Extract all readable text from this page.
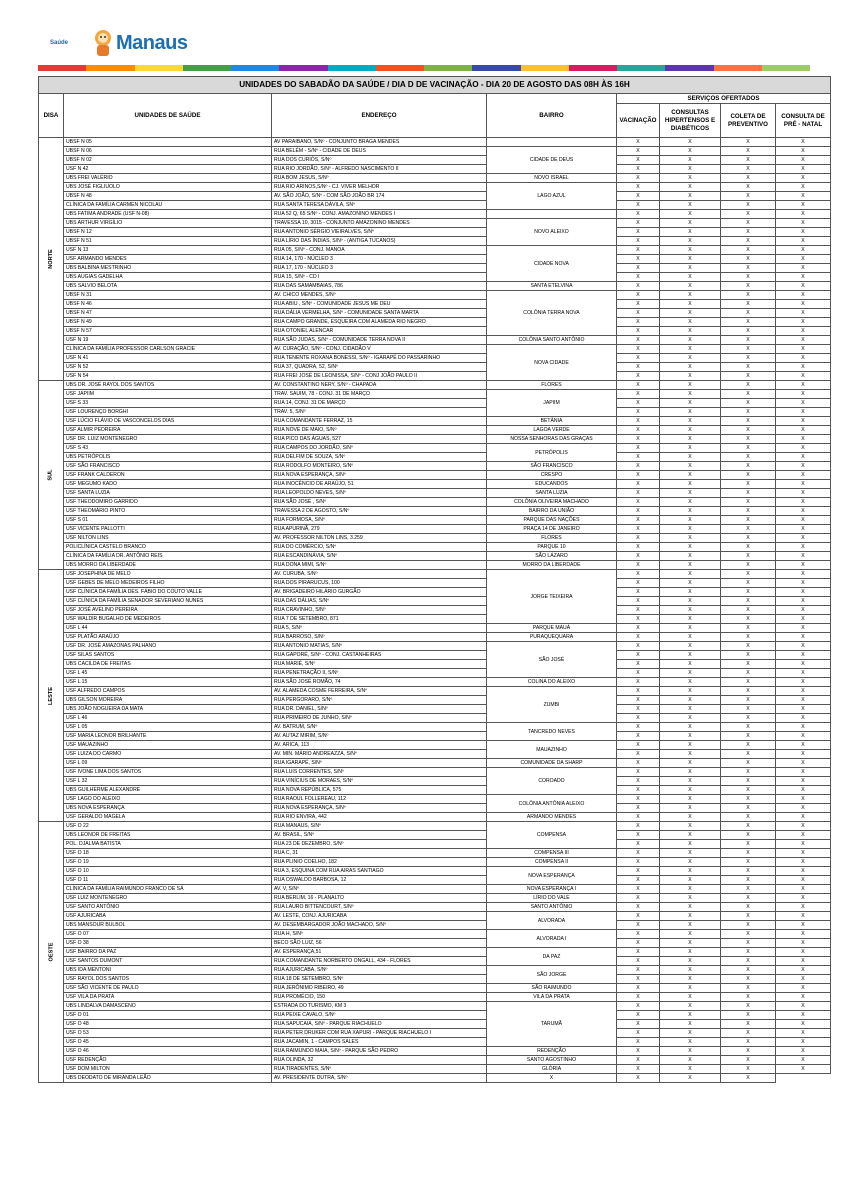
Saúde Manaus
UNIDADES DO SABADÃO DA SAÚDE / DIA D DE VACINAÇÃO - DIA 20 DE AGOSTO DAS 08H ÀS 16H							
DISA	UNIDADES DE SAÚDE	ENDEREÇO	BAIRRO	SERVIÇOS OFERTADOS			
				VACINAÇÃO	CONSULTAS HIPERTENSOS E DIABÉTICOS	COLETA DE PREVENTIVO	CONSULTA DE PRÉ - NATAL
NORTE	UBSF N 05	AV PARAIBANO, S/Nº - CONJUNTO BRAGA MENDES		X	X	X	X
	UBSF N 06	RUA BELÉM - S/Nº - CIDADE DE DEUS	CIDADE DE DEUS	X	X	X	X
	UBSF N 02	RUA DOS CURIÓS, S/Nº		X	X	X	X
	USF N 42	RUA RIO JORDÃO, S/Nº - ALFREDO NASCIMENTO II		X	X	X	X
	UBS FREI VALÉRIO	RUA BOM JESUS, S/Nº	NOVO ISRAEL	X	X	X	X
	UBS JOSÉ FIGLIUOLO	RUA RIO ARINOS,S/Nº - CJ. VIVER MELHOR	LAGO AZUL	X	X	X	X
	UBSF N 48	AV. SÃO JOÃO, S/Nº - COM SÃO JOÃO BR 174		X	X	X	X
	CLÍNICA DA FAMÍLIA CARMEN NICOLAU	RUA SANTA TERESA DÁVILA, SNº		X	X	X	X
	UBS FATIMA ANDRADE (USF N-08)	RUA 52 Q, 65 S/Nº - CONJ. AMAZONINO MENDES I		X	X	X	X
	UBS ARTHUR VIRGÍLIO	TRAVESSA 10, 3015 - CONJUNTO AMAZONINO MENDES	NOVO ALEIXO	X	X	X	X
	UBSF N 12	RUA ANTONIO SÉRGIO VIEIRALVES, S/Nº		X	X	X	X
	UBSF N 51	RUA LÍRIO DAS ÍNDIAS, S/Nº - (ANTIGA TUCANOS)		X	X	X	X
	USF N 13	RUA 05, S/Nº - CONJ. MANOA	CIDADE NOVA	X	X	X	X
	USF ARMANDO MENDES	RUA 14, 170 - NÚCLEO 3		X	X	X	X
	UBS BALBINA MESTRINHO	RUA 17, 170 - NÚCLEO 3		X	X	X	X
	UBS AUGIAS GADELHA	RUA 15, S/Nº - CD I		X	X	X	X
	UBS SALVIO BELOTA	RUA DAS SAMAMBAIAS, 786	SANTA ETELVINA	X	X	X	X
	UBSF N 31	AV. CHICO MENDES, S/Nº	COLÔNIA TERRA NOVA	X	X	X	X
	UBSF N 46	RUA ABIU , S/Nº - COMUNIDADE JESUS ME DEU		X	X	X	X
	UBSF N 47	RUA DÁLIA VERMELHA, S/Nº - COMUNIDADE SANTA MARTA		X	X	X	X
	UBSF N 49	RUA CAMPO GRANDE, ESQUEIRA COM ALAMEDA RIO NEGRO		X	X	X	X
	UBSF N 57	RUA OTONIEL ALENCAR		X	X	X	X
	USF N 19	RUA SÃO JUDAS, S/Nº - COMUNIDADE TERRA NOVA II	COLÔNIA SANTO ANTÔNIO	X	X	X	X
	CLÍNICA DA FAMÍLIA PROFESSOR CARLSON GRACIE	AV. CURAÇÃO, S/Nº - CONJ. CIDADÃO V	NOVA CIDADE	X	X	X	X
	USF N 41	RUA TENENTE ROXANA BONESSI, S/Nº - IGARAPÉ DO PASSARINHO		X	X	X	X
	USF N 52	RUA 37, QUADRA, 52, S/Nº		X	X	X	X
	USF N 54	RUA FREI JOSÉ DE LEONISSA, S/Nº - CONJ JOÃO PAULO II		X	X	X	X
SUL	UBS DR. JOSÉ RAYOL DOS SANTOS	AV. CONSTANTINO NERY, S/Nº - CHAPADA	FLORES	X	X	X	X
	USF JAPIIM	TRAV. SAUIM, 78 - CONJ. 31 DE MARÇO	JAPIIM	X	X	X	X
	USF S 33	RUA 14, CONJ. 31 DE MARÇO		X	X	X	X
	USF LOURENÇO BORGHI	TRAV. 5, S/Nº		X	X	X	X
	USF LÚCIO FLÁVIO DE VASCONCELOS DIAS	RUA COMANDANTE FERRAZ, 15	BETÂNIA	X	X	X	X
	USF ALMIR PEDREIRA	RUA NOVE DE MAIO, S/Nº	LAGOA VERDE	X	X	X	X
	USF DR. LUIZ MONTENEGRO	RUA PICO DAS ÁGUAS, 527	NOSSA SENHORAS DAS GRAÇAS	X	X	X	X
	USF S 43	RUA CAMPOS DO JORDÃO, S/Nº	PETRÓPOLIS	X	X	X	X
	UBS PETRÓPOLIS	RUA DELFIM DE SOUZA, S/Nº		X	X	X	X
	USF SÃO FRANCISCO	RUA RODOLFO MONTEIRO, S/Nº	SÃO FRANCISCO	X	X	X	X
	USF FRANK CALDERON	RUA NOVA ESPERANÇA, S/Nº	CRESPO	X	X	X	X
	USF MEGUMO KADO	RUA INOCÊNCIO DE ARAÚJO, 51	EDUCANDOS	X	X	X	X
	USF SANTA LUZIA	RUA LEOPOLDO NEVES, S/Nº	SANTA LUZIA	X	X	X	X
	USF THEODOMIRO GARRIDO	RUA SÃO JOSÉ , S/Nº	COLÔNIA OLIVEIRA MACHADO	X	X	X	X
	USF THEOMÁRIO PINTO	TRAVESSA 2 DE AGOSTO, S/Nº	BAIRRO DA UNIÃO	X	X	X	X
	USF S 01	RUA FORMOSA, S/Nº	PARQUE DAS NAÇÕES	X	X	X	X
	USF VICENTE PALLOTTI	RUA APURINÃ, 279	PRAÇA 14 DE JANEIRO	X	X	X	X
	USF NILTON LINS	AV. PROFESSOR NILTON LINS, 3.259	FLORES	X	X	X	X
	POLICLÍNICA CASTELO BRANCO	RUA DO COMÉRCIO, S/Nº	PARQUE 10	X	X	X	X
	CLÍNICA DA FAMÍLIA DR. ANTÔNIO REIS	RUA ESCANDINÁVIA, S/Nº	SÃO LÁZARO	X	X	X	X
	UBS MORRO DA LIBERDADE	RUA DONA MIMI, S/Nº	MORRO DA LIBERDADE	X	X	X	X
LESTE	USF JOSEPHINA DE MELO	AV. CURUBA, S/Nº	JORGE TEIXEIRA	X	X	X	X
	USF GEBES DE MELO MEDEIROS FILHO	RUA DOS PIRARUCUS, 100		X	X	X	X
	USF CLÍNICA DA FAMÍLIA DES. FÁBIO DO COUTO VALLE	AV. BRIGADEIRO HILÁRIO GURGÃO		X	X	X	X
	USF CLÍNICA DA FAMÍLIA SENADOR SEVERIANO NUNES	RUA DAS DÁLIAS, S/Nº		X	X	X	X
	USF JOSÉ AVELINO PEREIRA	RUA CRAVINHO, S/Nº		X	X	X	X
	USF WALDIR BUGALHO DE MEDEIROS	RUA 7 DE SETEMBRO, 871		X	X	X	X
	USF L 44	RUA 5, S/Nº	PARQUE MAUÁ	X	X	X	X
	USF PLATÃO ARAÚJO	RUA BARROSO, S/Nº	PURAQUEQUARA	X	X	X	X
	USF DR. JOSÉ AMAZONAS PALHANO	RUA ANTONIO MATIAS, S/Nº	SÃO JOSÉ	X	X	X	X
	USF SILAS SANTOS	RUA GAPORÉ, S/Nº - CONJ. CASTANHEIRAS		X	X	X	X
	UBS CACILDA DE FREITAS	RUA MARIÉ, S/Nº		X	X	X	X
	USF L 45	RUA PENETRAÇÃO II, S/Nº		X	X	X	X
	USF L 15	RUA SÃO JOSÉ ROMÃO, 74	COLINA DO ALEIXO	X	X	X	X
	USF ALFREDO CAMPOS	AV. ALAMEDA COSME FERREIRA, S/Nº	ZUMBI	X	X	X	X
	UBS GILSON MOREIRA	RUA PERGORARO, S/Nº		X	X	X	X
	UBS JOÃO NOGUEIRA DA MATA	RUA DR. DANIEL, S/Nº		X	X	X	X
	USF L 46	RUA PRIMEIRO DE JUNHO, S/Nº		X	X	X	X
	USF L 05	AV. BATRUM, S/Nº	TANCREDO NEVES	X	X	X	X
	USF MARIA LEONOR BRILHANTE	AV. AUTAZ MIRIM, S/Nº		X	X	X	X
	USF MAUAZINHO	AV. ARICA, 113	MAUAZINHO	X	X	X	X
	USF LUIZA DO CARMO	AV. MIN. MÁRIO ANDREAZZA, S/Nº		X	X	X	X
	USF L 09	RUA IGARAPÉ, S/Nº	COMUNIDADE DA SHARP	X	X	X	X
	USF IVONE LIMA DOS SANTOS	RUA LUIS CORRENTES, S/Nº	COROADO	X	X	X	X
	USF L 32	RUA VINÍCIUS DE MORAES, S/Nº		X	X	X	X
	UBS GUILHERME ALEXANDRE	RUA NOVA REPÚBLICA, 575		X	X	X	X
	USF LAGO DO ALEIXO	RUA RAOUL FOLLEREAU, 112	COLÔNIA ANTÔNIA ALEIXO	X	X	X	X
	UBS NOVA ESPERANÇA	RUA NOVA ESPERANÇA, S/Nº		X	X	X	X
	USF GERALDO MAGELA	RUA RIO ENVIRA, 442	ARMANDO MENDES	X	X	X	X
OESTE	USF O 22	RUA MANAUS, S/Nº	COMPENSA	X	X	X	X
	UBS LEONOR DE FREITAS	AV. BRASIL, S/Nº		X	X	X	X
	POL. DJALMA BATISTA	RUA 23 DE DEZEMBRO, S/Nº		X	X	X	X
	USF O 18	RUA C, 31	COMPENSA III	X	X	X	X
	USF O 19	RUA PLINIO COELHO, 182	COMPENSA II	X	X	X	X
	USF O 10	RUA 3, ESQUINA COM RUA AIRAS SANTIAGO	NOVA ESPERANÇA	X	X	X	X
	USF O 11	RUA OSWALDO BARBOSA, 12		X	X	X	X
	CLÍNICA DA FAMÍLIA RAIMUNDO FRANCO DE SÁ	AV. V, S/Nº	NOVA ESPERANÇA I	X	X	X	X
	USF LUIZ MONTENEGRO	RUA BERLIM, 16 - PLANALTO	LÍRIO DO VALE	X	X	X	X
	USF SANTO ANTÔNIO	RUA LAURO BITTENCOURT, S/Nº	SANTO ANTÔNIO	X	X	X	X
	USF AJURICABA	AV. LESTE, CONJ. AJURICABA	ALVORADA	X	X	X	X
	UBS MANSOUR BULBOL	AV. DESEMBARGADOR JOÃO MACHADO, S/Nº		X	X	X	X
	USF O 07	RUA H, S/Nº	ALVORADA I	X	X	X	X
	USF O 38	BECO SÃO LUIZ, 56		X	X	X	X
	USF BAIRRO DA PAZ	AV. ESPERANÇA,51	DA PAZ	X	X	X	X
	USF SANTOS DUMONT	RUA COMANDANTE NORBERTO ONGALL, 434 - FLORES		X	X	X	X
	UBS IDA MENTONI	RUA AJURICABA, S/Nº	SÃO JORGE	X	X	X	X
	USF RAYOL DOS SANTOS	RUA 18 DE SETEMBRO, S/Nº		X	X	X	X
	USF SÃO VICENTE DE PAULO	RUA JERÔNIMO RIBEIRO, 49	SÃO RAIMUNDO	X	X	X	X
	USF VILA DA PRATA	RUA PROMÉCIO, 150	VILA DA PRATA	X	X	X	X
	UBS LINDALVA DAMASCENO	ESTRADA DO TURISMO, KM 3	TARUMÃ	X	X	X	X
	USF O 01	RUA PEIXE CAVALO, S/Nº		X	X	X	X
	USF O 48	RUA SAPUCAIA, S/Nº - PARQUE RIACHUELO		X	X	X	X
	USF O 53	RUA PETER DRUKER COM RUA XAPURI - PARQUE RIACHUELO I		X	X	X	X
	USF O 45	RUA JACAMIN, 1 - CAMPOS SALES		X	X	X	X
	USF O 46	RUA RAIMUNDO MAIA, S/Nº - PARQUE SÃO PEDRO	REDENÇÃO	X	X	X	X
	USF REDENÇÃO	RUA OLINDA, 32	SANTO AGOSTINHO	X	X	X	X
	USF DOM MILTON	RUA TIRADENTES, S/Nº	GLÓRIA	X	X	X	X
	UBS DEODATO DE MIRANDA LEÃO	AV. PRESIDENTE DUTRA, S/Nº	X	X	X	X	
